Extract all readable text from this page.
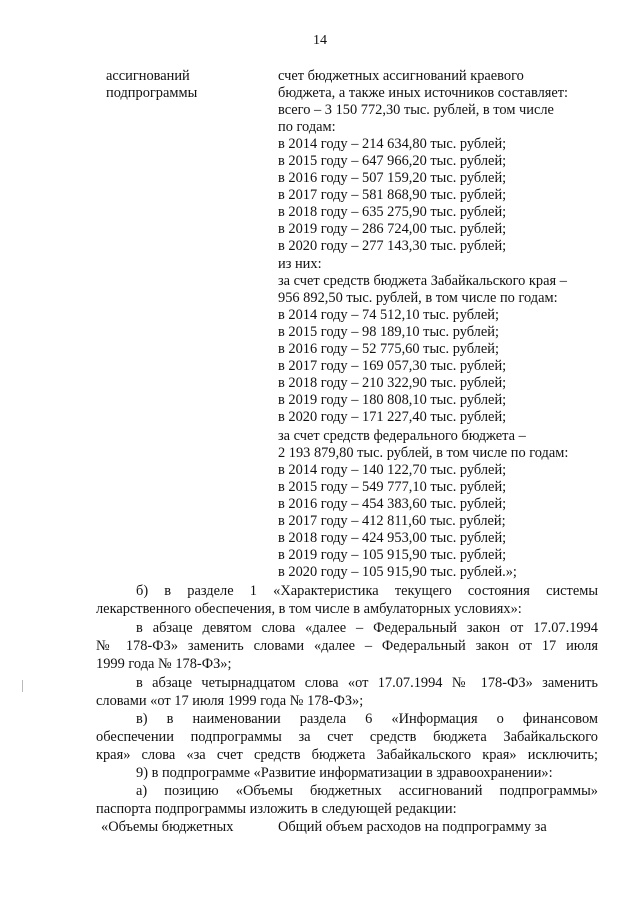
14
ассигнований
подпрограммы
счет бюджетных ассигнований краевого
бюджета, а также иных источников составляет:
всего – 3 150 772,30 тыс. рублей, в том числе
по годам:
в 2014 году – 214 634,80 тыс. рублей;
в 2015 году – 647 966,20 тыс. рублей;
в 2016 году – 507 159,20 тыс. рублей;
в 2017 году – 581 868,90 тыс. рублей;
в 2018 году – 635 275,90 тыс. рублей;
в 2019 году – 286 724,00 тыс. рублей;
в 2020 году – 277 143,30 тыс. рублей;
из них:
за счет средств бюджета Забайкальского края –
956 892,50 тыс. рублей, в том числе по годам:
в 2014 году – 74 512,10 тыс. рублей;
в 2015 году – 98 189,10 тыс. рублей;
в 2016 году – 52 775,60 тыс. рублей;
в 2017 году – 169 057,30 тыс. рублей;
в 2018 году – 210 322,90 тыс. рублей;
в 2019 году – 180 808,10 тыс. рублей;
в 2020 году – 171 227,40 тыс. рублей;
за счет средств федерального бюджета –
2 193 879,80 тыс. рублей, в том числе по годам:
в 2014 году – 140 122,70 тыс. рублей;
в 2015 году – 549 777,10 тыс. рублей;
в 2016 году – 454 383,60 тыс. рублей;
в 2017 году – 412 811,60 тыс. рублей;
в 2018 году – 424 953,00 тыс. рублей;
в 2019 году – 105 915,90 тыс. рублей;
в 2020 году – 105 915,90 тыс. рублей.»;
б) в разделе 1 «Характеристика текущего состояния системы
лекарственного обеспечения, в том числе в амбулаторных условиях»:
в абзаце девятом слова «далее – Федеральный закон от 17.07.1994
№ 178-ФЗ» заменить словами «далее – Федеральный закон от 17 июля
1999 года № 178-ФЗ»;
в абзаце четырнадцатом слова «от 17.07.1994 № 178-ФЗ» заменить
словами «от 17 июля 1999 года № 178-ФЗ»;
в) в наименовании раздела 6 «Информация о финансовом
обеспечении подпрограммы за счет средств бюджета Забайкальского
края» слова «за счет средств бюджета Забайкальского края» исключить;
9) в подпрограмме «Развитие информатизации в здравоохранении»:
а) позицию «Объемы бюджетных ассигнований подпрограммы»
паспорта подпрограммы изложить в следующей редакции:
«Объемы бюджетных	Общий объем расходов на подпрограмму за
